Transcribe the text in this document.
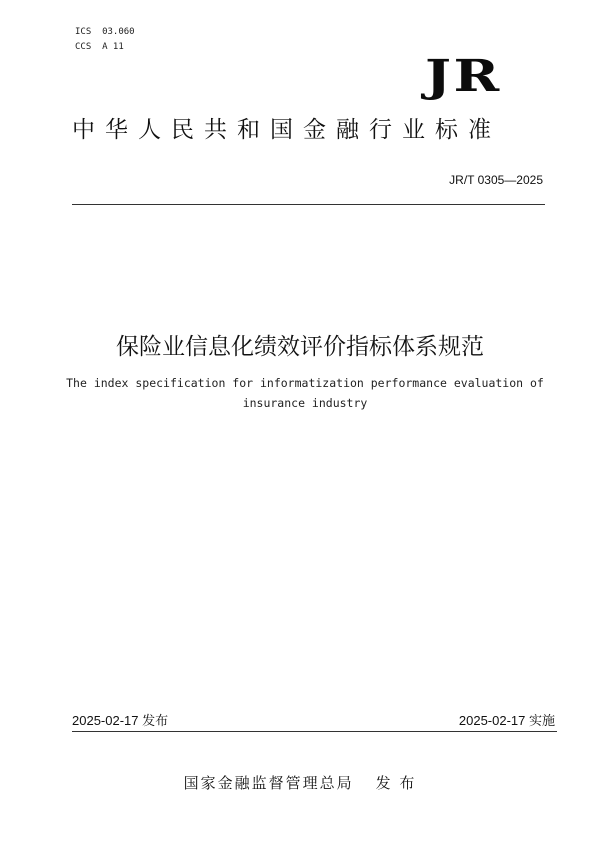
ICS  03.060
CCS  A 11
JR
中华人民共和国金融行业标准
JR/T 0305—2025
保险业信息化绩效评价指标体系规范
The index specification for informatization performance evaluation of insurance industry
2025-02-17 发布	2025-02-17 实施
国家金融监督管理总局 发 布
